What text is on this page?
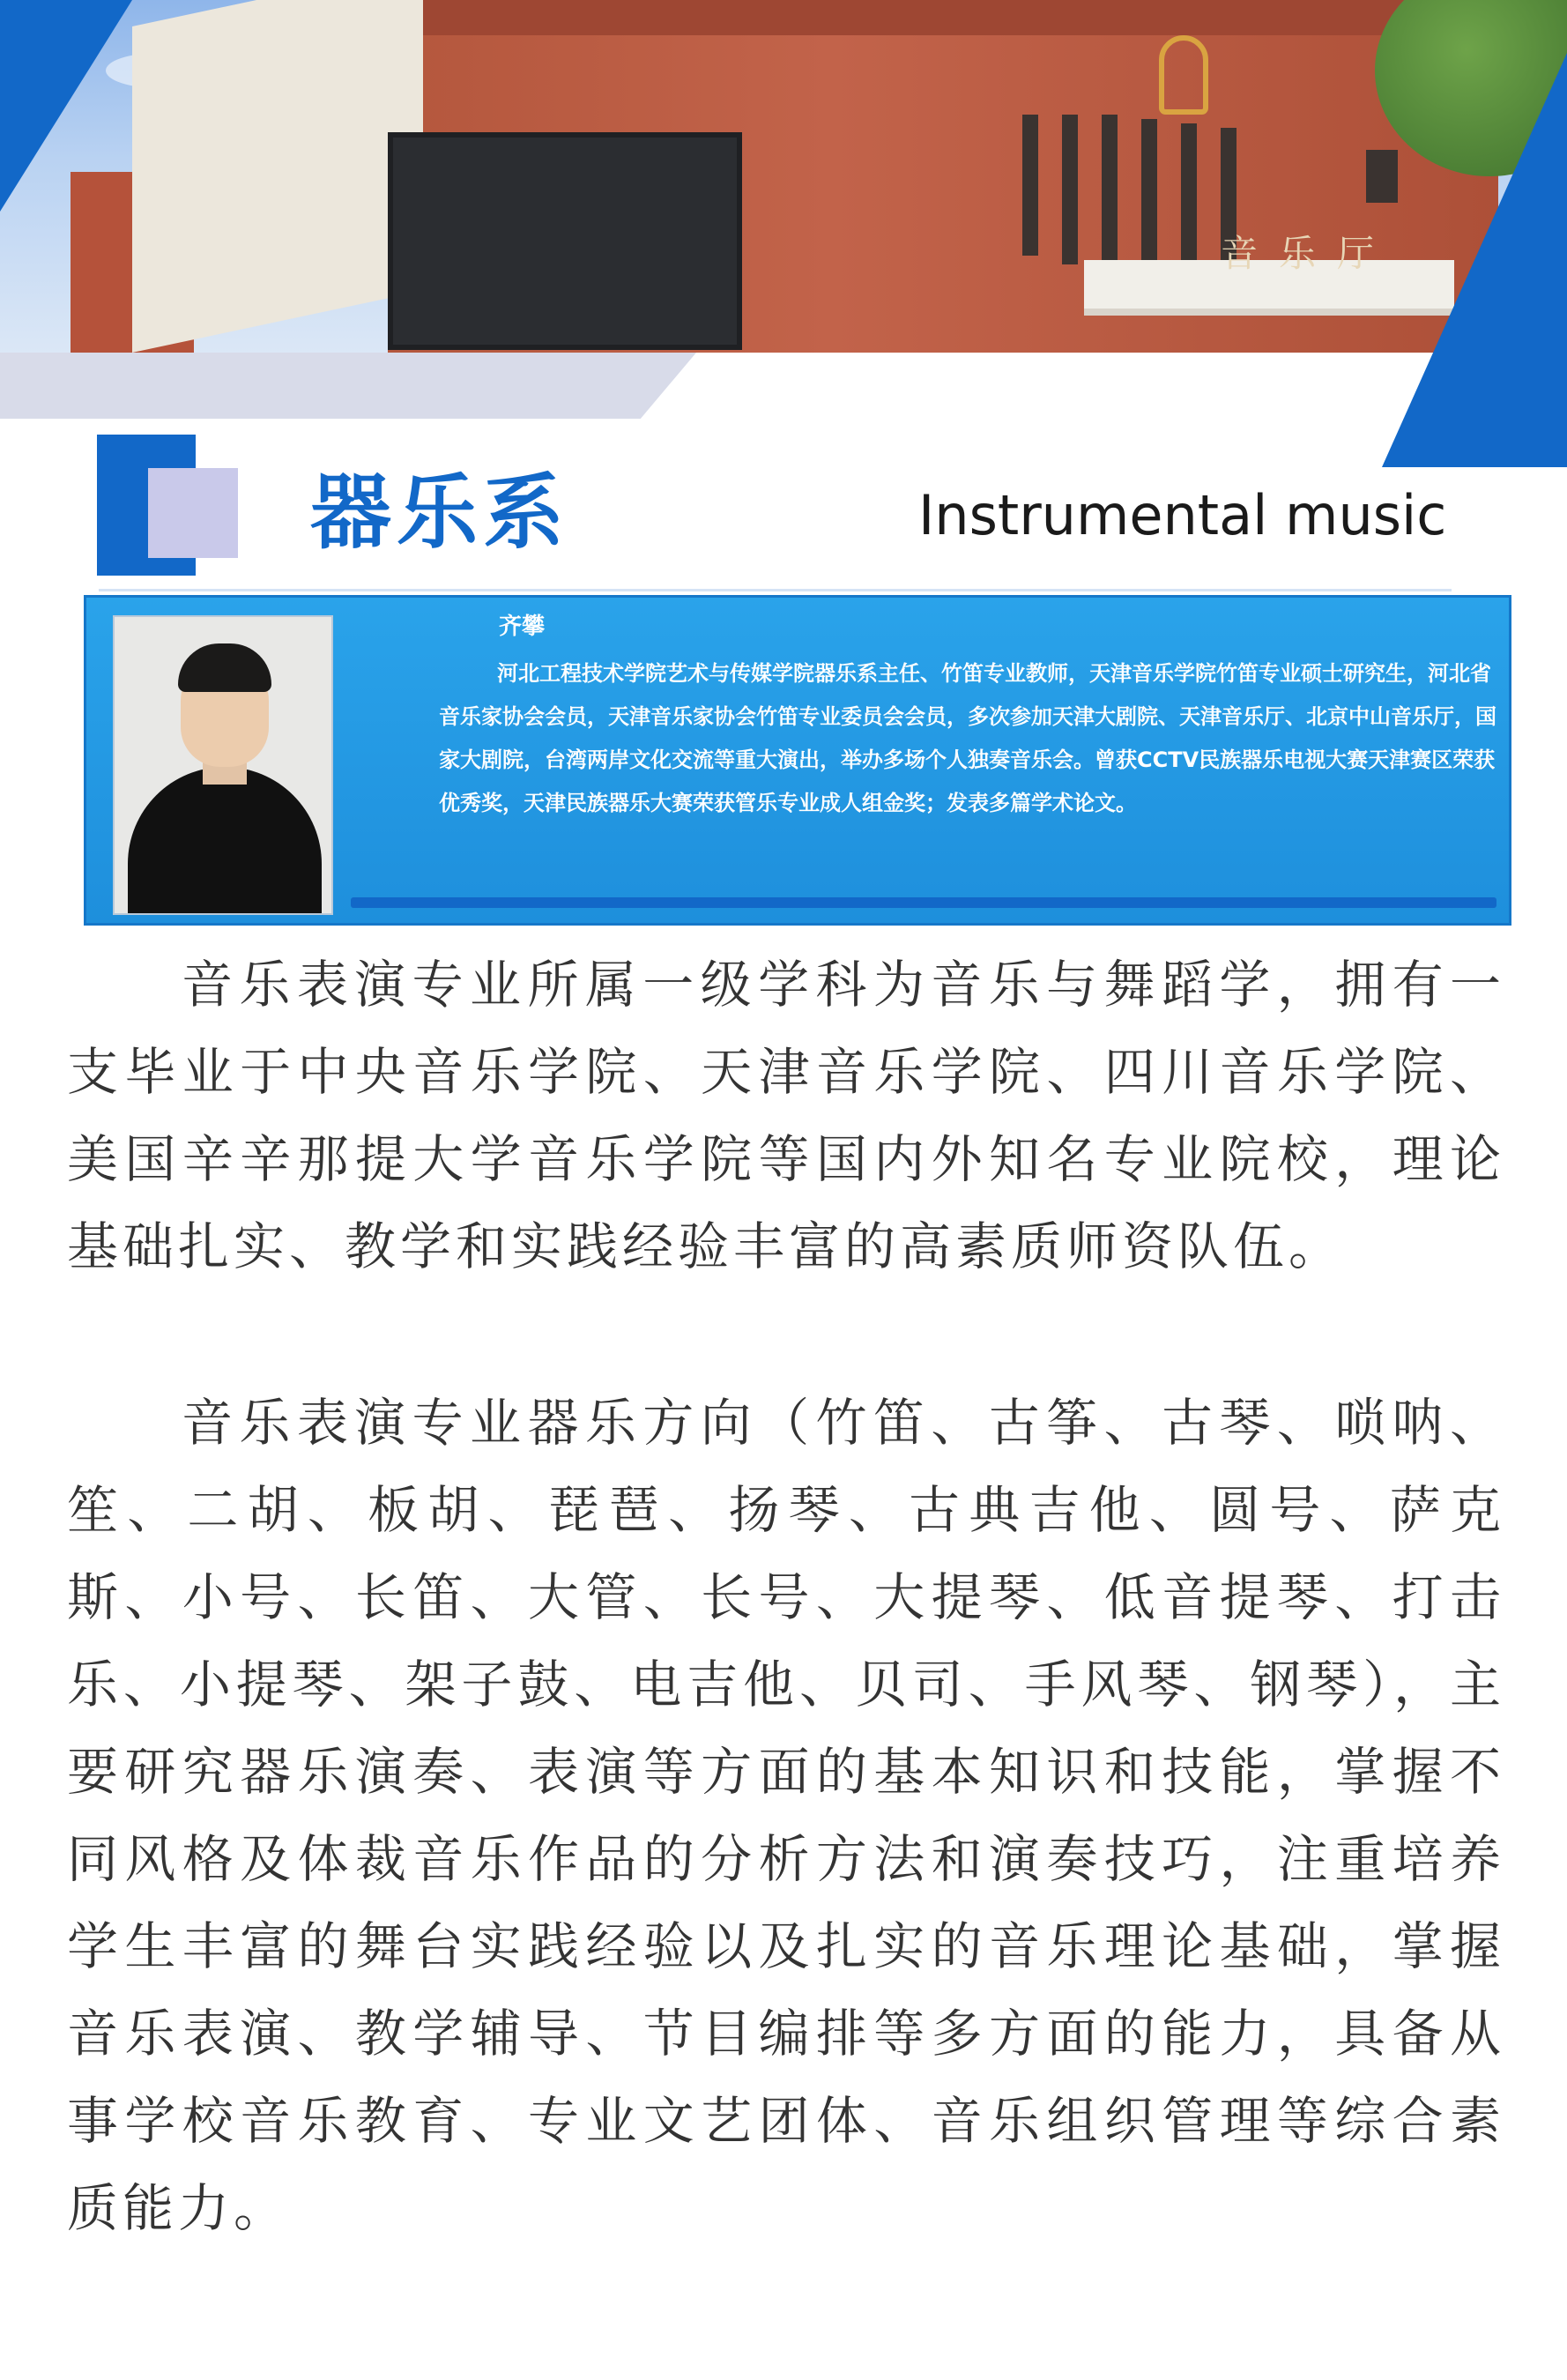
音乐厅
器乐系	Instrumental music
齐攀

河北工程技术学院艺术与传媒学院器乐系主任、竹笛专业教师，天津音乐学院竹笛专业硕士研究生，河北省音乐家协会会员，天津音乐家协会竹笛专业委员会会员，多次参加天津大剧院、天津音乐厅、北京中山音乐厅，国家大剧院，台湾两岸文化交流等重大演出，举办多场个人独奏音乐会。曾获CCTV民族器乐电视大赛天津赛区荣获优秀奖，天津民族器乐大赛荣获管乐专业成人组金奖；发表多篇学术论文。

音乐表演专业所属一级学科为音乐与舞蹈学，拥有一支毕业于中央音乐学院、天津音乐学院、四川音乐学院、美国辛辛那提大学音乐学院等国内外知名专业院校，理论基础扎实、教学和实践经验丰富的高素质师资队伍。

音乐表演专业器乐方向（竹笛、古筝、古琴、唢呐、笙、二胡、板胡、琵琶、扬琴、古典吉他、圆号、萨克斯、小号、长笛、大管、长号、大提琴、低音提琴、打击乐、小提琴、架子鼓、电吉他、贝司、手风琴、钢琴），主要研究器乐演奏、表演等方面的基本知识和技能，掌握不同风格及体裁音乐作品的分析方法和演奏技巧，注重培养学生丰富的舞台实践经验以及扎实的音乐理论基础，掌握音乐表演、教学辅导、节目编排等多方面的能力，具备从事学校音乐教育、专业文艺团体、音乐组织管理等综合素质能力。
